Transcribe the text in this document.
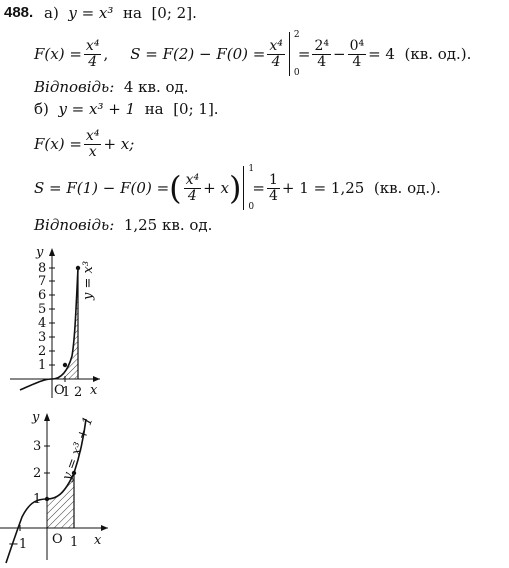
488. а) y = x³ на [0; 2].
$F(x) = \frac{\text{x⁴}}{4}$ , $S = F(2) - F(0) = \frac{\text{x⁴}}{4}$
2
0
= $\frac{\text{2⁴}}{4} - \frac{\text{0⁴}}{4} = 4$
(кв. од.).
Відповідь: 4 кв. од.
б) y = x³ + 1 на [0; 1].
$F(x) = \frac{\text{x⁴}}{x} + x$;
S = F(1) − F(0) = ( $\frac{\text{x⁴}}{4} + x$ ) 1
0
= $\frac{1}{4} + 1 = 1,25$
(кв. од.).
Відповідь: 1,25 кв. од.
1
2
3
4
5
6
7
8
O
1 2 x
y
y = x³
1
2
3
−1 O 1 x
y y = x³ + 1
